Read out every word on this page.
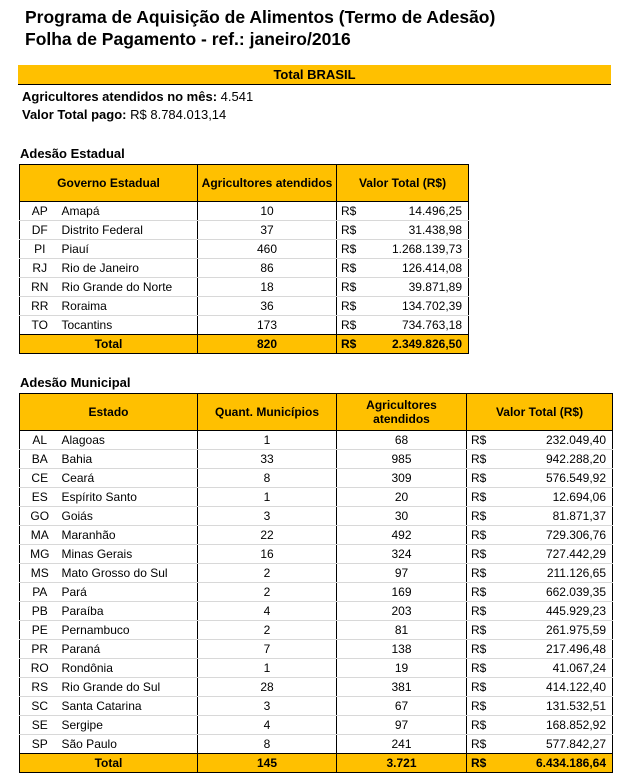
Programa de Aquisição de Alimentos (Termo de Adesão)
Folha de Pagamento - ref.: janeiro/2016
Total BRASIL
Agricultores atendidos no mês: 4.541
Valor Total pago: R$ 8.784.013,14
Adesão Estadual
Governo Estadual		Agricultores atendidos	Valor Total (R$)	
AP	Amapá	10	R$	14.496,25
DF	Distrito Federal	37	R$	31.438,98
PI	Piauí	460	R$	1.268.139,73
RJ	Rio de Janeiro	86	R$	126.414,08
RN	Rio Grande do Norte	18	R$	39.871,89
RR	Roraima	36	R$	134.702,39
TO	Tocantins	173	R$	734.763,18
Total		820	R$	2.349.826,50
Adesão Municipal
Estado		Quant. Municípios	Agricultores atendidos	Valor Total (R$)	
AL	Alagoas	1	68	R$	232.049,40
BA	Bahia	33	985	R$	942.288,20
CE	Ceará	8	309	R$	576.549,92
ES	Espírito Santo	1	20	R$	12.694,06
GO	Goiás	3	30	R$	81.871,37
MA	Maranhão	22	492	R$	729.306,76
MG	Minas Gerais	16	324	R$	727.442,29
MS	Mato Grosso do Sul	2	97	R$	211.126,65
PA	Pará	2	169	R$	662.039,35
PB	Paraíba	4	203	R$	445.929,23
PE	Pernambuco	2	81	R$	261.975,59
PR	Paraná	7	138	R$	217.496,48
RO	Rondônia	1	19	R$	41.067,24
RS	Rio Grande do Sul	28	381	R$	414.122,40
SC	Santa Catarina	3	67	R$	131.532,51
SE	Sergipe	4	97	R$	168.852,92
SP	São Paulo	8	241	R$	577.842,27
Total		145	3.721	R$	6.434.186,64
